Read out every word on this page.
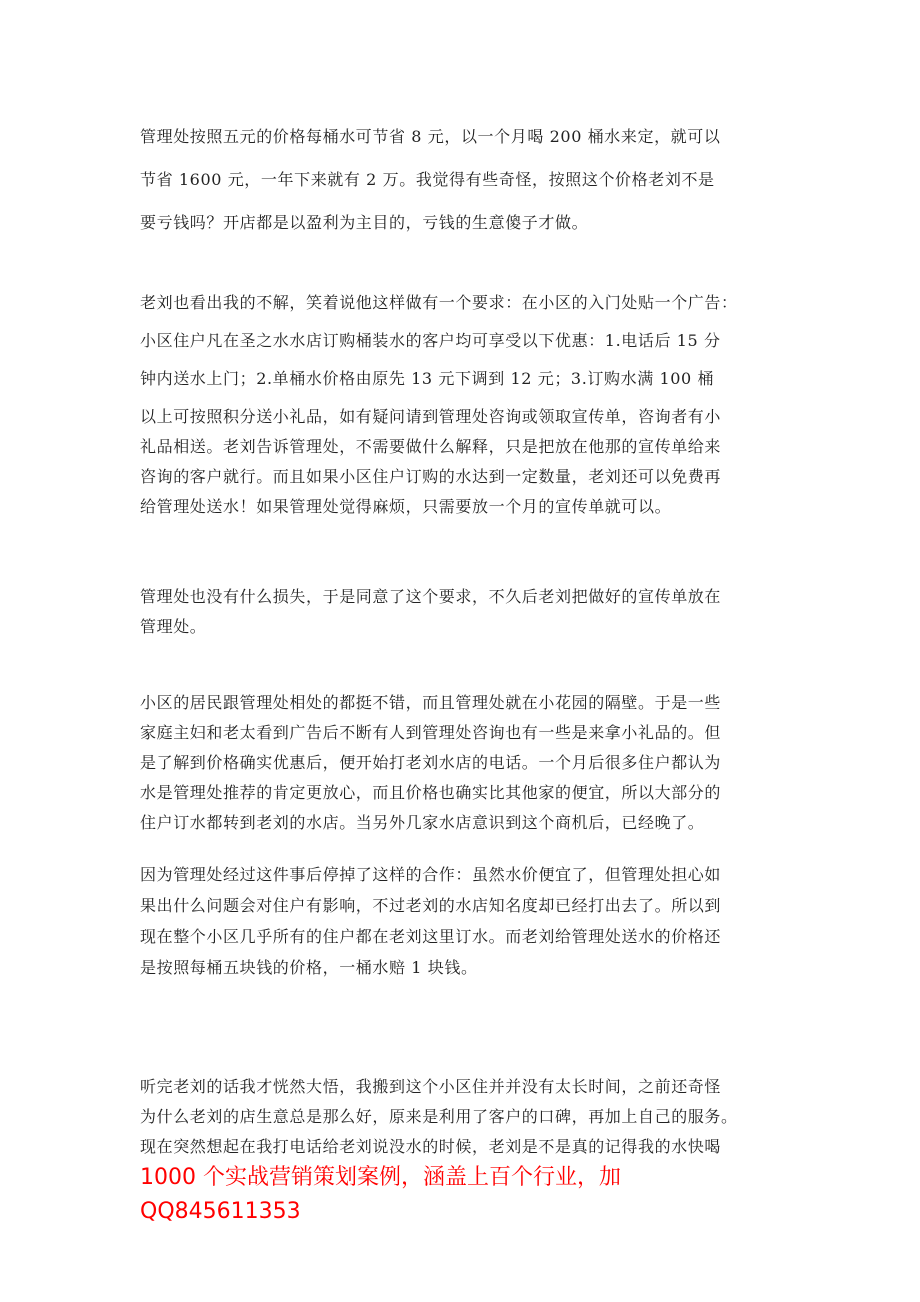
管理处按照五元的价格每桶水可节省 8 元，以一个月喝 200 桶水来定，就可以
节省 1600 元，一年下来就有 2 万。我觉得有些奇怪，按照这个价格老刘不是
要亏钱吗？开店都是以盈利为主目的，亏钱的生意傻子才做。
老刘也看出我的不解，笑着说他这样做有一个要求：在小区的入门处贴一个广告：
小区住户凡在圣之水水店订购桶装水的客户均可享受以下优惠：1.电话后 15 分
钟内送水上门；2.单桶水价格由原先 13 元下调到 12 元；3.订购水满 100 桶
以上可按照积分送小礼品，如有疑问请到管理处咨询或领取宣传单，咨询者有小
礼品相送。老刘告诉管理处，不需要做什么解释，只是把放在他那的宣传单给来
咨询的客户就行。而且如果小区住户订购的水达到一定数量，老刘还可以免费再
给管理处送水！如果管理处觉得麻烦，只需要放一个月的宣传单就可以。
管理处也没有什么损失，于是同意了这个要求，不久后老刘把做好的宣传单放在
管理处。
小区的居民跟管理处相处的都挺不错，而且管理处就在小花园的隔壁。于是一些
家庭主妇和老太看到广告后不断有人到管理处咨询也有一些是来拿小礼品的。但
是了解到价格确实优惠后，便开始打老刘水店的电话。一个月后很多住户都认为
水是管理处推荐的肯定更放心，而且价格也确实比其他家的便宜，所以大部分的
住户订水都转到老刘的水店。当另外几家水店意识到这个商机后，已经晚了。
因为管理处经过这件事后停掉了这样的合作：虽然水价便宜了，但管理处担心如
果出什么问题会对住户有影响，不过老刘的水店知名度却已经打出去了。所以到
现在整个小区几乎所有的住户都在老刘这里订水。而老刘给管理处送水的价格还
是按照每桶五块钱的价格，一桶水赔 1 块钱。
听完老刘的话我才恍然大悟，我搬到这个小区住并并没有太长时间，之前还奇怪
为什么老刘的店生意总是那么好，原来是利用了客户的口碑，再加上自己的服务。
现在突然想起在我打电话给老刘说没水的时候，老刘是不是真的记得我的水快喝
1000 个实战营销策划案例，涵盖上百个行业，加
QQ845611353
